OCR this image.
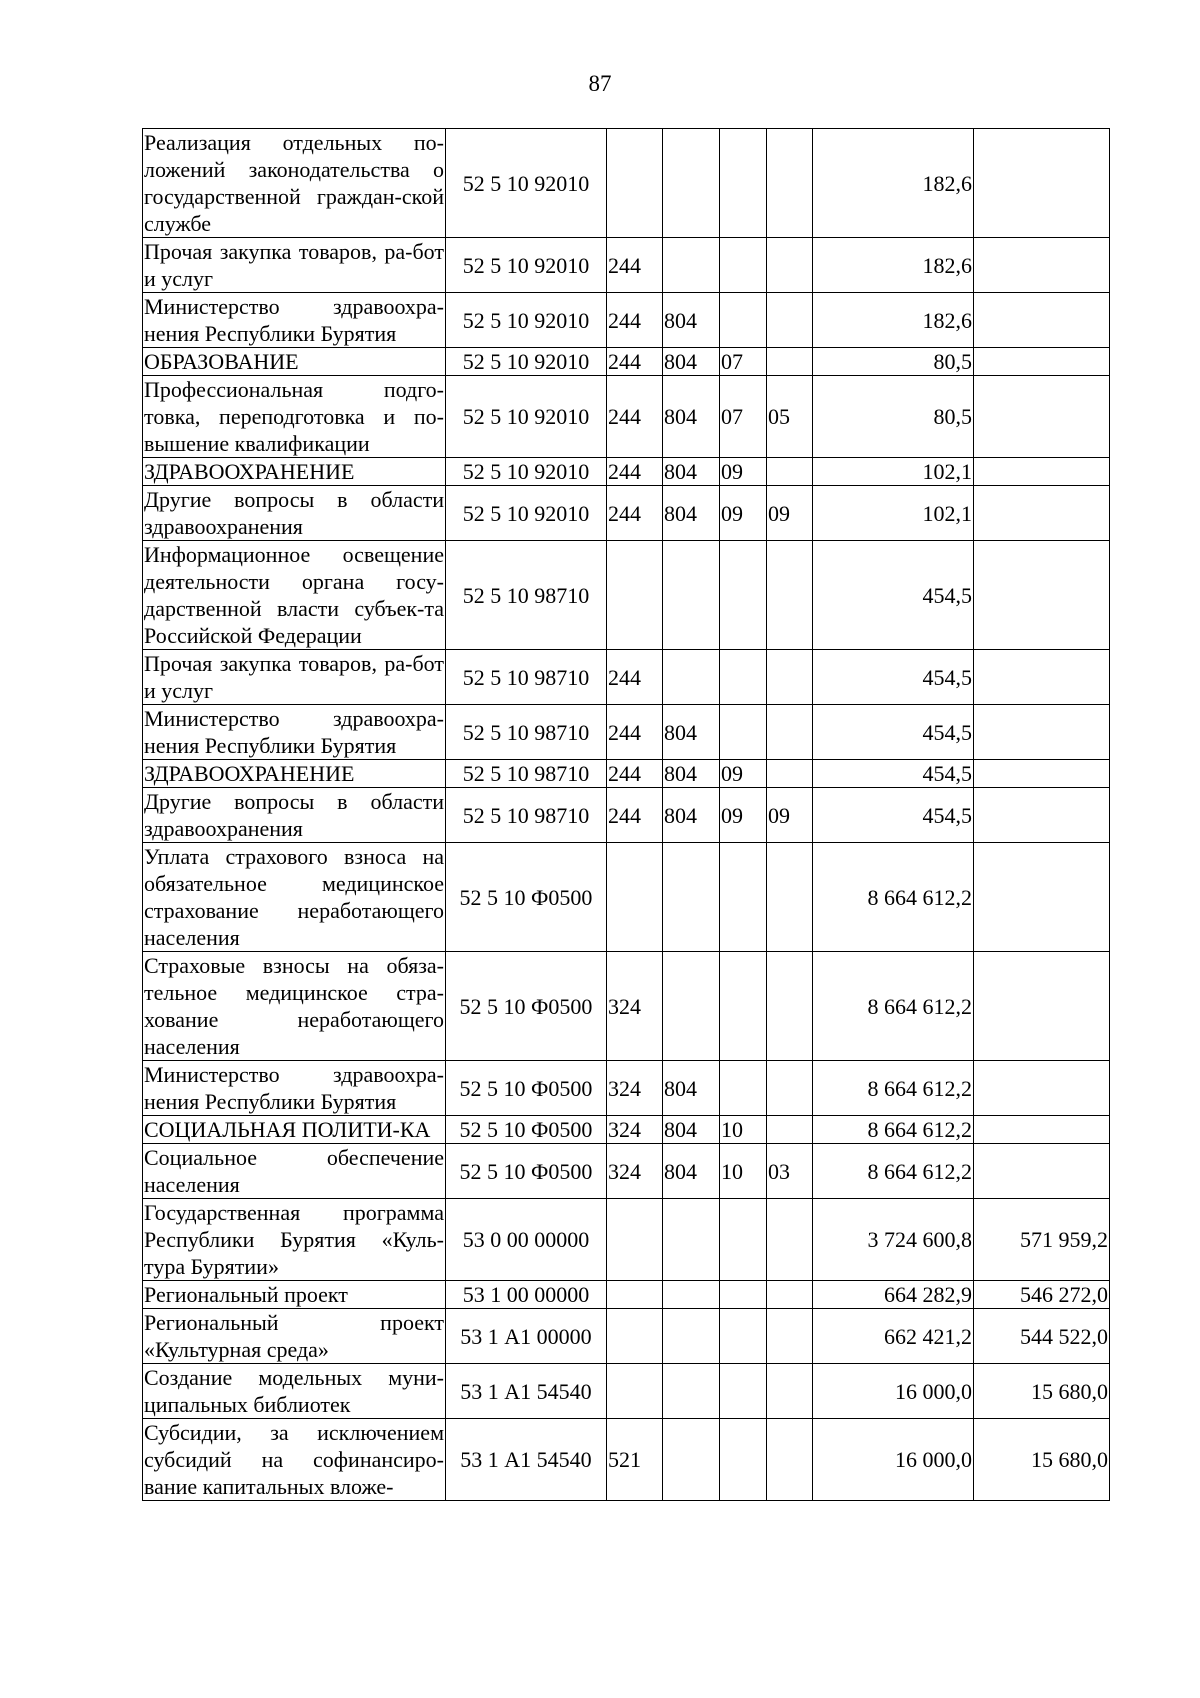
87
Реализация отдельных по-ложений законодательства о государственной граждан-ской службе	52 5 10 92010					182,6	
Прочая закупка товаров, ра-бот и услуг	52 5 10 92010	244				182,6	
Министерство здравоохра-нения Республики Бурятия	52 5 10 92010	244	804			182,6	
ОБРАЗОВАНИЕ	52 5 10 92010	244	804	07		80,5	
Профессиональная подго-товка, переподготовка и по-вышение квалификации	52 5 10 92010	244	804	07	05	80,5	
ЗДРАВООХРАНЕНИЕ	52 5 10 92010	244	804	09		102,1	
Другие вопросы в области здравоохранения	52 5 10 92010	244	804	09	09	102,1	
Информационное освещение деятельности органа госу-дарственной власти субъек-та Российской Федерации	52 5 10 98710					454,5	
Прочая закупка товаров, ра-бот и услуг	52 5 10 98710	244				454,5	
Министерство здравоохра-нения Республики Бурятия	52 5 10 98710	244	804			454,5	
ЗДРАВООХРАНЕНИЕ	52 5 10 98710	244	804	09		454,5	
Другие вопросы в области здравоохранения	52 5 10 98710	244	804	09	09	454,5	
Уплата страхового взноса на обязательное медицинское страхование неработающего населения	52 5 10 Ф0500					8 664 612,2	
Страховые взносы на обяза-тельное медицинское стра-хование неработающего населения	52 5 10 Ф0500	324				8 664 612,2	
Министерство здравоохра-нения Республики Бурятия	52 5 10 Ф0500	324	804			8 664 612,2	
СОЦИАЛЬНАЯ ПОЛИТИ-КА	52 5 10 Ф0500	324	804	10		8 664 612,2	
Социальное обеспечение населения	52 5 10 Ф0500	324	804	10	03	8 664 612,2	
Государственная программа Республики Бурятия «Куль-тура Бурятии»	53 0 00 00000					3 724 600,8	571 959,2
Региональный проект	53 1 00 00000					664 282,9	546 272,0
Региональный проект «Культурная среда»	53 1 А1 00000					662 421,2	544 522,0
Создание модельных муни-ципальных библиотек	53 1 А1 54540					16 000,0	15 680,0
Субсидии, за исключением субсидий на софинансиро-вание капитальных вложе-	53 1 А1 54540	521				16 000,0	15 680,0
